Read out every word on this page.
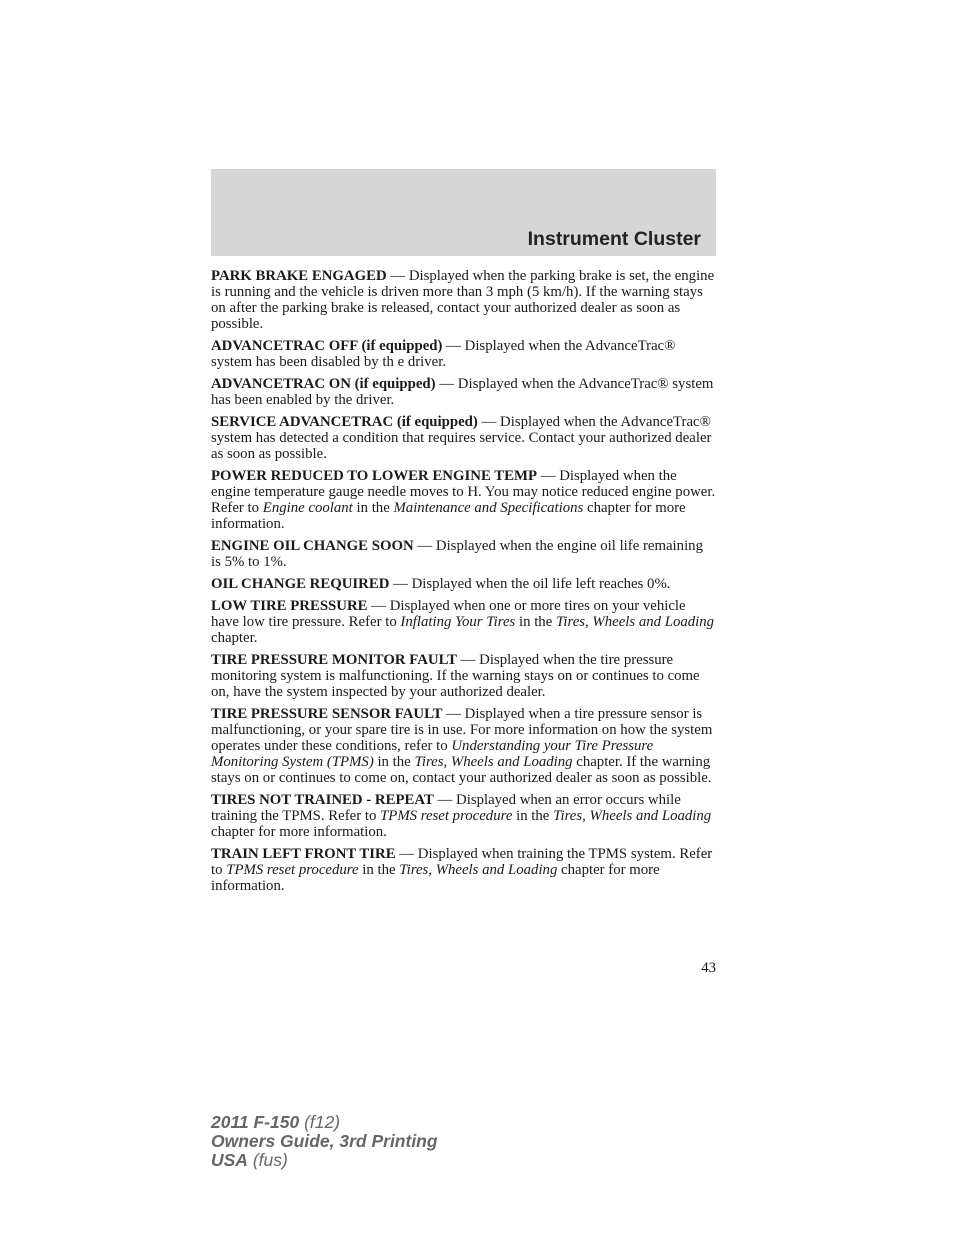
Instrument Cluster

PARK BRAKE ENGAGED — Displayed when the parking brake is set, the engine is running and the vehicle is driven more than 3 mph (5 km/h). If the warning stays on after the parking brake is released, contact your authorized dealer as soon as possible.

ADVANCETRAC OFF (if equipped) — Displayed when the AdvanceTrac® system has been disabled by th e driver.

ADVANCETRAC ON (if equipped) — Displayed when the AdvanceTrac® system has been enabled by the driver.

SERVICE ADVANCETRAC (if equipped) — Displayed when the AdvanceTrac® system has detected a condition that requires service. Contact your authorized dealer as soon as possible.

POWER REDUCED TO LOWER ENGINE TEMP — Displayed when the engine temperature gauge needle moves to H. You may notice reduced engine power. Refer to Engine coolant in the Maintenance and Specifications chapter for more information.

ENGINE OIL CHANGE SOON — Displayed when the engine oil life remaining is 5% to 1%.

OIL CHANGE REQUIRED — Displayed when the oil life left reaches 0%.

LOW TIRE PRESSURE — Displayed when one or more tires on your vehicle have low tire pressure. Refer to Inflating Your Tires in the Tires, Wheels and Loading chapter.

TIRE PRESSURE MONITOR FAULT — Displayed when the tire pressure monitoring system is malfunctioning. If the warning stays on or continues to come on, have the system inspected by your authorized dealer.

TIRE PRESSURE SENSOR FAULT — Displayed when a tire pressure sensor is malfunctioning, or your spare tire is in use. For more information on how the system operates under these conditions, refer to Understanding your Tire Pressure Monitoring System (TPMS) in the Tires, Wheels and Loading chapter. If the warning stays on or continues to come on, contact your authorized dealer as soon as possible.

TIRES NOT TRAINED - REPEAT — Displayed when an error occurs while training the TPMS. Refer to TPMS reset procedure in the Tires, Wheels and Loading chapter for more information.

TRAIN LEFT FRONT TIRE — Displayed when training the TPMS system. Refer to TPMS reset procedure in the Tires, Wheels and Loading chapter for more information.

43
2011 F-150 (f12)
Owners Guide, 3rd Printing
USA (fus)
